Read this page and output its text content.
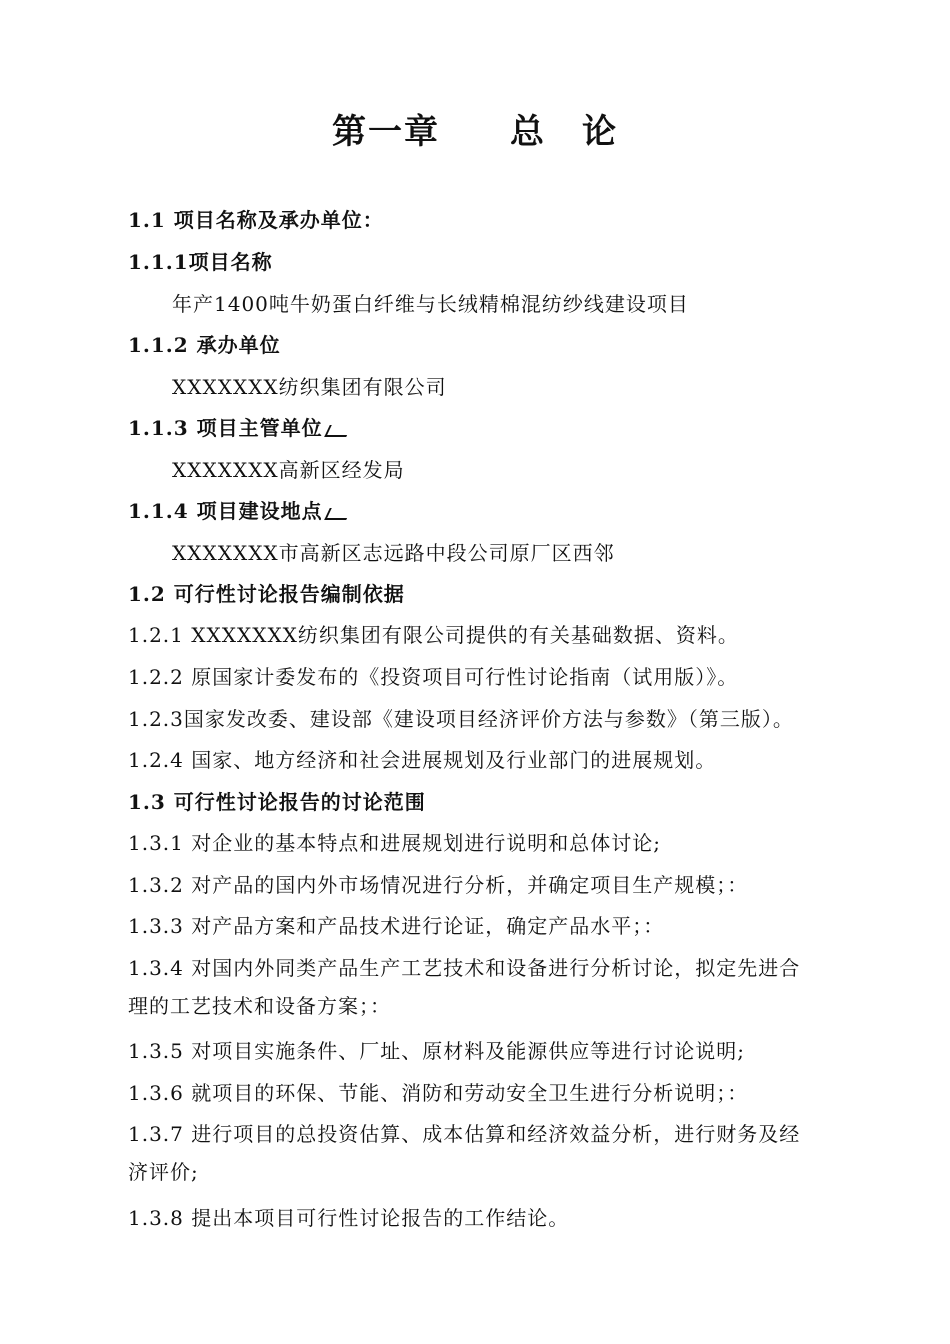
第一章 总 论
1.1 项目名称及承办单位：
1.1.1项目名称
年产1400吨牛奶蛋白纤维与长绒精棉混纺纱线建设项目
1.1.2 承办单位
XXXXXXX纺织集团有限公司
1.1.3 项目主管单位
XXXXXXX高新区经发局
1.1.4 项目建设地点
XXXXXXX市高新区志远路中段公司原厂区西邻
1.2 可行性讨论报告编制依据
1.2.1 XXXXXXX纺织集团有限公司提供的有关基础数据、资料。
1.2.2 原国家计委发布的《投资项目可行性讨论指南（试用版）》。
1.2.3国家发改委、建设部《建设项目经济评价方法与参数》（第三版）。
1.2.4 国家、地方经济和社会进展规划及行业部门的进展规划。
1.3 可行性讨论报告的讨论范围
1.3.1 对企业的基本特点和进展规划进行说明和总体讨论;
1.3.2 对产品的国内外市场情况进行分析，并确定项目生产规模；：
1.3.3 对产品方案和产品技术进行论证，确定产品水平；：
1.3.4 对国内外同类产品生产工艺技术和设备进行分析讨论，拟定先进合
理的工艺技术和设备方案；：
1.3.5 对项目实施条件、厂址、原材料及能源供应等进行讨论说明;
1.3.6 就项目的环保、节能、消防和劳动安全卫生进行分析说明；：
1.3.7 进行项目的总投资估算、成本估算和经济效益分析，进行财务及经
济评价;
1.3.8 提出本项目可行性讨论报告的工作结论。
